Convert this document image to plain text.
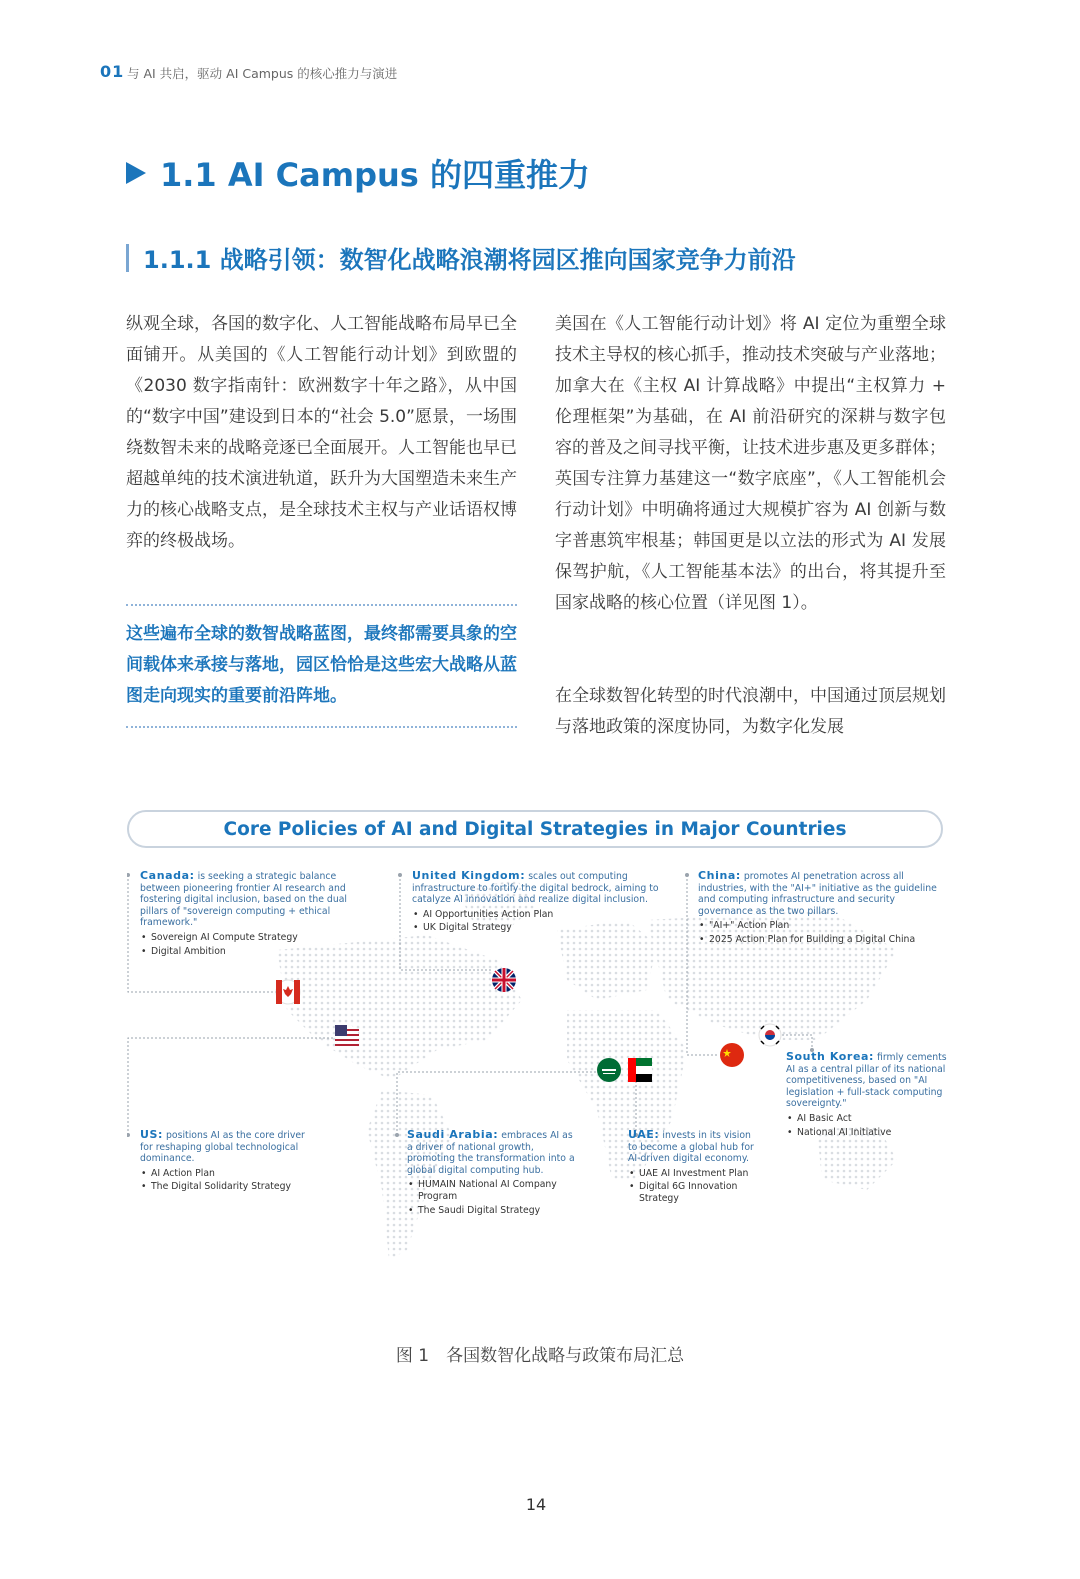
01 与 AI 共启，驱动 AI Campus 的核心推力与演进
1.1 AI Campus 的四重推力
1.1.1 战略引领：数智化战略浪潮将园区推向国家竞争力前沿
纵观全球，各国的数字化、人工智能战略布局早已全面铺开。从美国的《人工智能行动计划》到欧盟的《2030 数字指南针：欧洲数字十年之路》，从中国的“数字中国”建设到日本的“社会 5.0”愿景，一场围绕数智未来的战略竞逐已全面展开。人工智能也早已超越单纯的技术演进轨道，跃升为大国塑造未来生产力的核心战略支点，是全球技术主权与产业话语权博弈的终极战场。
这些遍布全球的数智战略蓝图，最终都需要具象的空间载体来承接与落地，园区恰恰是这些宏大战略从蓝图走向现实的重要前沿阵地。
美国在《人工智能行动计划》将 AI 定位为重塑全球技术主导权的核心抓手，推动技术突破与产业落地；加拿大在《主权 AI 计算战略》中提出“主权算力 + 伦理框架”为基础，在 AI 前沿研究的深耕与数字包容的普及之间寻找平衡，让技术进步惠及更多群体；英国专注算力基建这一“数字底座”，《人工智能机会行动计划》中明确将通过大规模扩容为 AI 创新与数字普惠筑牢根基；韩国更是以立法的形式为 AI 发展保驾护航，《人工智能基本法》的出台，将其提升至国家战略的核心位置（详见图 1）。
在全球数智化转型的时代浪潮中，中国通过顶层规划与落地政策的深度协同，为数字化发展
Core Policies of AI and Digital Strategies in Major Countries
Canada: is seeking a strategic balance between pioneering frontier AI research and fostering digital inclusion, based on the dual pillars of "sovereign computing + ethical framework."
• Sovereign AI Compute Strategy
• Digital Ambition
United Kingdom: scales out computing infrastructure to fortify the digital bedrock, aiming to catalyze AI innovation and realize digital inclusion.
• AI Opportunities Action Plan
• UK Digital Strategy
China: promotes AI penetration across all industries, with the "AI+" initiative as the guideline and computing infrastructure and security governance as the two pillars.
• "AI+" Action Plan
• 2025 Action Plan for Building a Digital China
South Korea: firmly cements AI as a central pillar of its national competitiveness, based on "AI legislation + full-stack computing sovereignty."
• AI Basic Act
• National AI Initiative
US: positions AI as the core driver for reshaping global technological dominance.
• AI Action Plan
• The Digital Solidarity Strategy
Saudi Arabia: embraces AI as a driver of national growth, promoting the transformation into a global digital computing hub.
• HUMAIN National AI Company Program
• The Saudi Digital Strategy
UAE: invests in its vision to become a global hub for AI-driven digital economy.
• UAE AI Investment Plan
• Digital 6G Innovation Strategy
图 1　各国数智化战略与政策布局汇总
14
